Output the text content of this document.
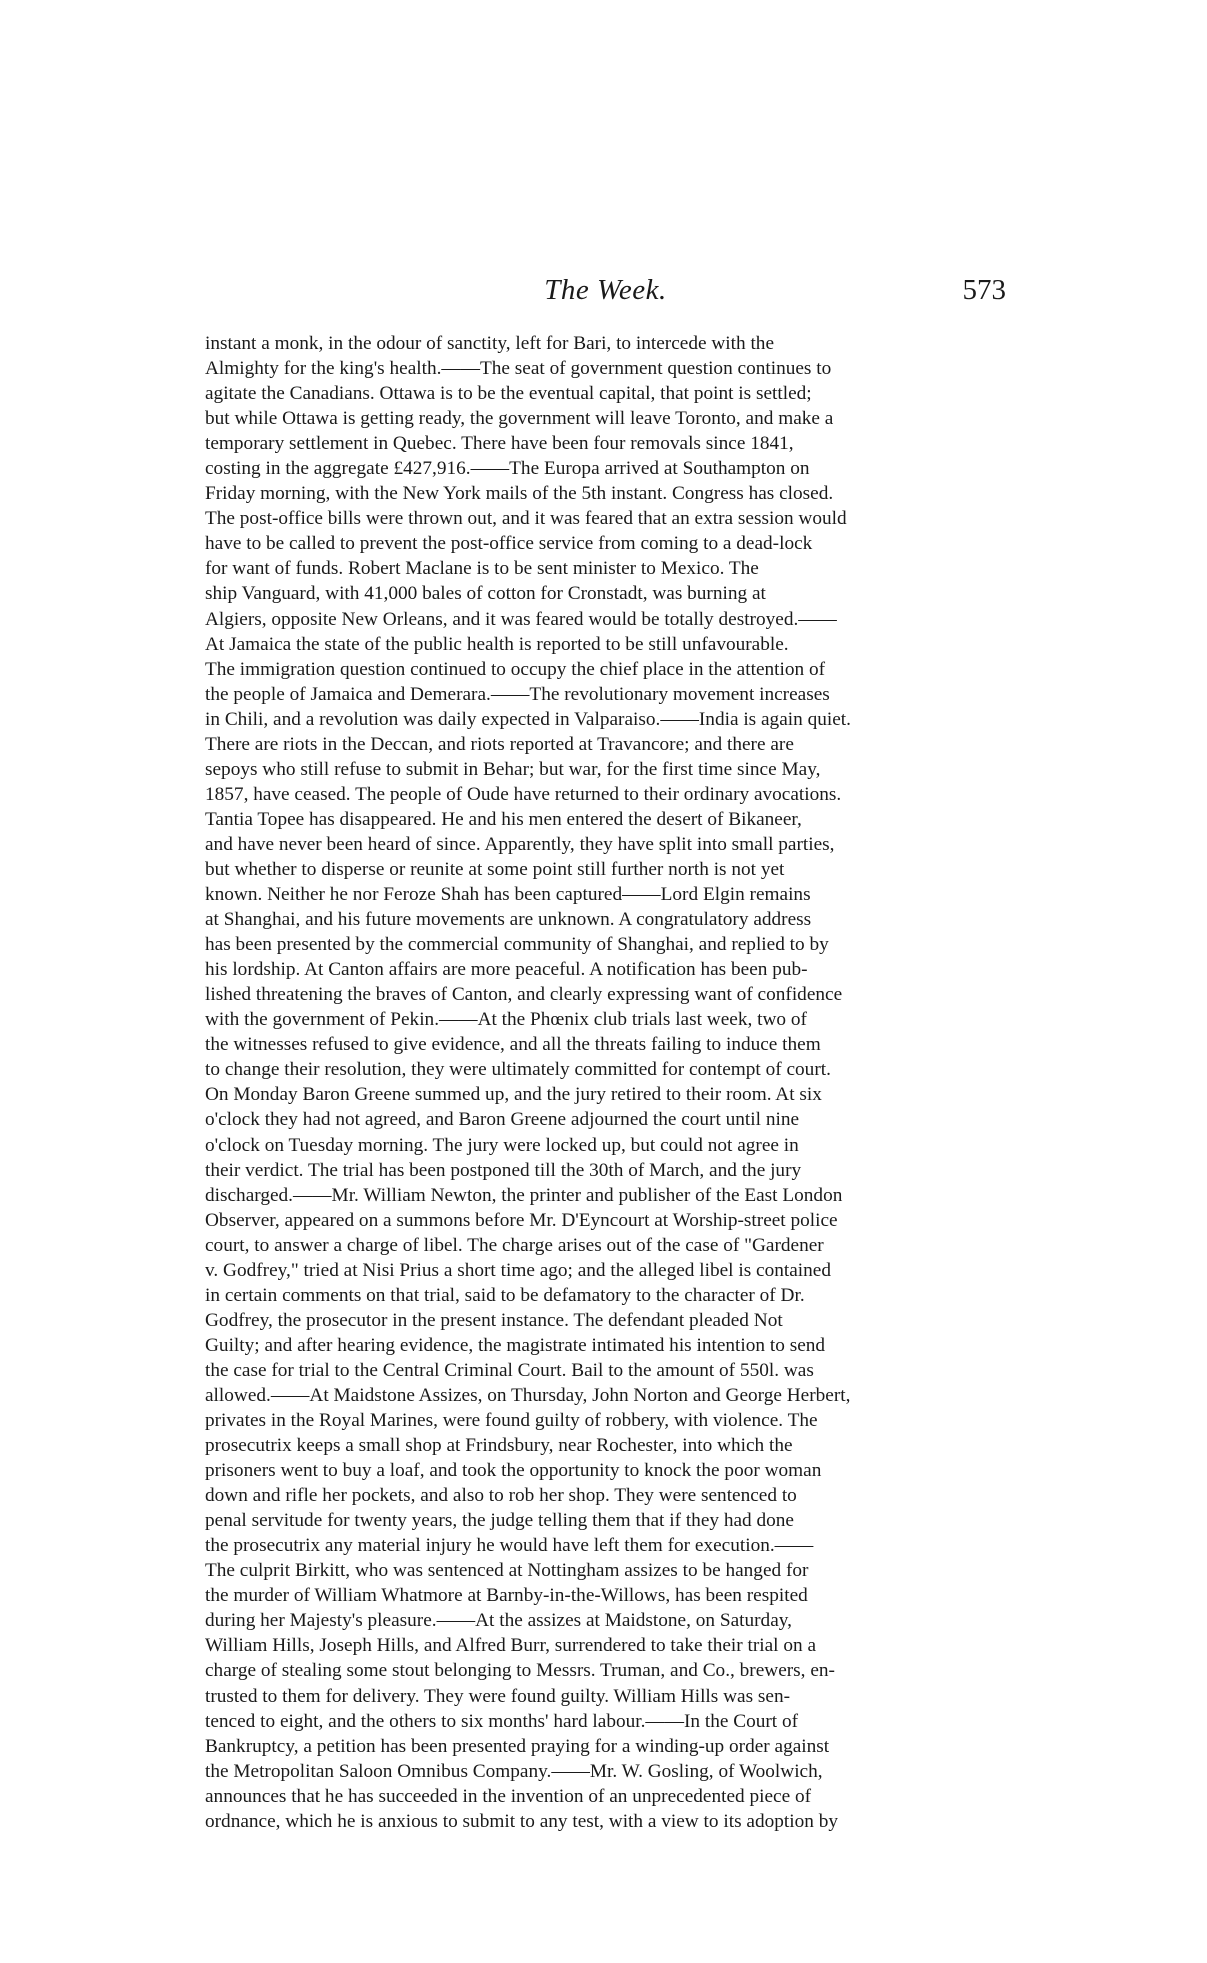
The Week.	573

instant a monk, in the odour of sanctity, left for Bari, to intercede with the

Almighty for the king's health.——The seat of government question continues to

agitate the Canadians. Ottawa is to be the eventual capital, that point is settled;

but while Ottawa is getting ready, the government will leave Toronto, and make a

temporary settlement in Quebec. There have been four removals since 1841,

costing in the aggregate £427,916.——The Europa arrived at Southampton on

Friday morning, with the New York mails of the 5th instant. Congress has closed.

The post-office bills were thrown out, and it was feared that an extra session would

have to be called to prevent the post-office service from coming to a dead-lock

for want of funds. Robert Maclane is to be sent minister to Mexico. The

ship Vanguard, with 41,000 bales of cotton for Cronstadt, was burning at

Algiers, opposite New Orleans, and it was feared would be totally destroyed.——

At Jamaica the state of the public health is reported to be still unfavourable.

The immigration question continued to occupy the chief place in the attention of

the people of Jamaica and Demerara.——The revolutionary movement increases

in Chili, and a revolution was daily expected in Valparaiso.——India is again quiet.

There are riots in the Deccan, and riots reported at Travancore; and there are

sepoys who still refuse to submit in Behar; but war, for the first time since May,

1857, have ceased. The people of Oude have returned to their ordinary avocations.

Tantia Topee has disappeared. He and his men entered the desert of Bikaneer,

and have never been heard of since. Apparently, they have split into small parties,

but whether to disperse or reunite at some point still further north is not yet

known. Neither he nor Feroze Shah has been captured——Lord Elgin remains

at Shanghai, and his future movements are unknown. A congratulatory address

has been presented by the commercial community of Shanghai, and replied to by

his lordship. At Canton affairs are more peaceful. A notification has been pub-

lished threatening the braves of Canton, and clearly expressing want of confidence

with the government of Pekin.——At the Phœnix club trials last week, two of

the witnesses refused to give evidence, and all the threats failing to induce them

to change their resolution, they were ultimately committed for contempt of court.

On Monday Baron Greene summed up, and the jury retired to their room. At six

o'clock they had not agreed, and Baron Greene adjourned the court until nine

o'clock on Tuesday morning. The jury were locked up, but could not agree in

their verdict. The trial has been postponed till the 30th of March, and the jury

discharged.——Mr. William Newton, the printer and publisher of the East London

Observer, appeared on a summons before Mr. D'Eyncourt at Worship-street police

court, to answer a charge of libel. The charge arises out of the case of "Gardener

v. Godfrey," tried at Nisi Prius a short time ago; and the alleged libel is contained

in certain comments on that trial, said to be defamatory to the character of Dr.

Godfrey, the prosecutor in the present instance. The defendant pleaded Not

Guilty; and after hearing evidence, the magistrate intimated his intention to send

the case for trial to the Central Criminal Court. Bail to the amount of 550l. was

allowed.——At Maidstone Assizes, on Thursday, John Norton and George Herbert,

privates in the Royal Marines, were found guilty of robbery, with violence. The

prosecutrix keeps a small shop at Frindsbury, near Rochester, into which the

prisoners went to buy a loaf, and took the opportunity to knock the poor woman

down and rifle her pockets, and also to rob her shop. They were sentenced to

penal servitude for twenty years, the judge telling them that if they had done

the prosecutrix any material injury he would have left them for execution.——

The culprit Birkitt, who was sentenced at Nottingham assizes to be hanged for

the murder of William Whatmore at Barnby-in-the-Willows, has been respited

during her Majesty's pleasure.——At the assizes at Maidstone, on Saturday,

William Hills, Joseph Hills, and Alfred Burr, surrendered to take their trial on a

charge of stealing some stout belonging to Messrs. Truman, and Co., brewers, en-

trusted to them for delivery. They were found guilty. William Hills was sen-

tenced to eight, and the others to six months' hard labour.——In the Court of

Bankruptcy, a petition has been presented praying for a winding-up order against

the Metropolitan Saloon Omnibus Company.——Mr. W. Gosling, of Woolwich,

announces that he has succeeded in the invention of an unprecedented piece of

ordnance, which he is anxious to submit to any test, with a view to its adoption by
